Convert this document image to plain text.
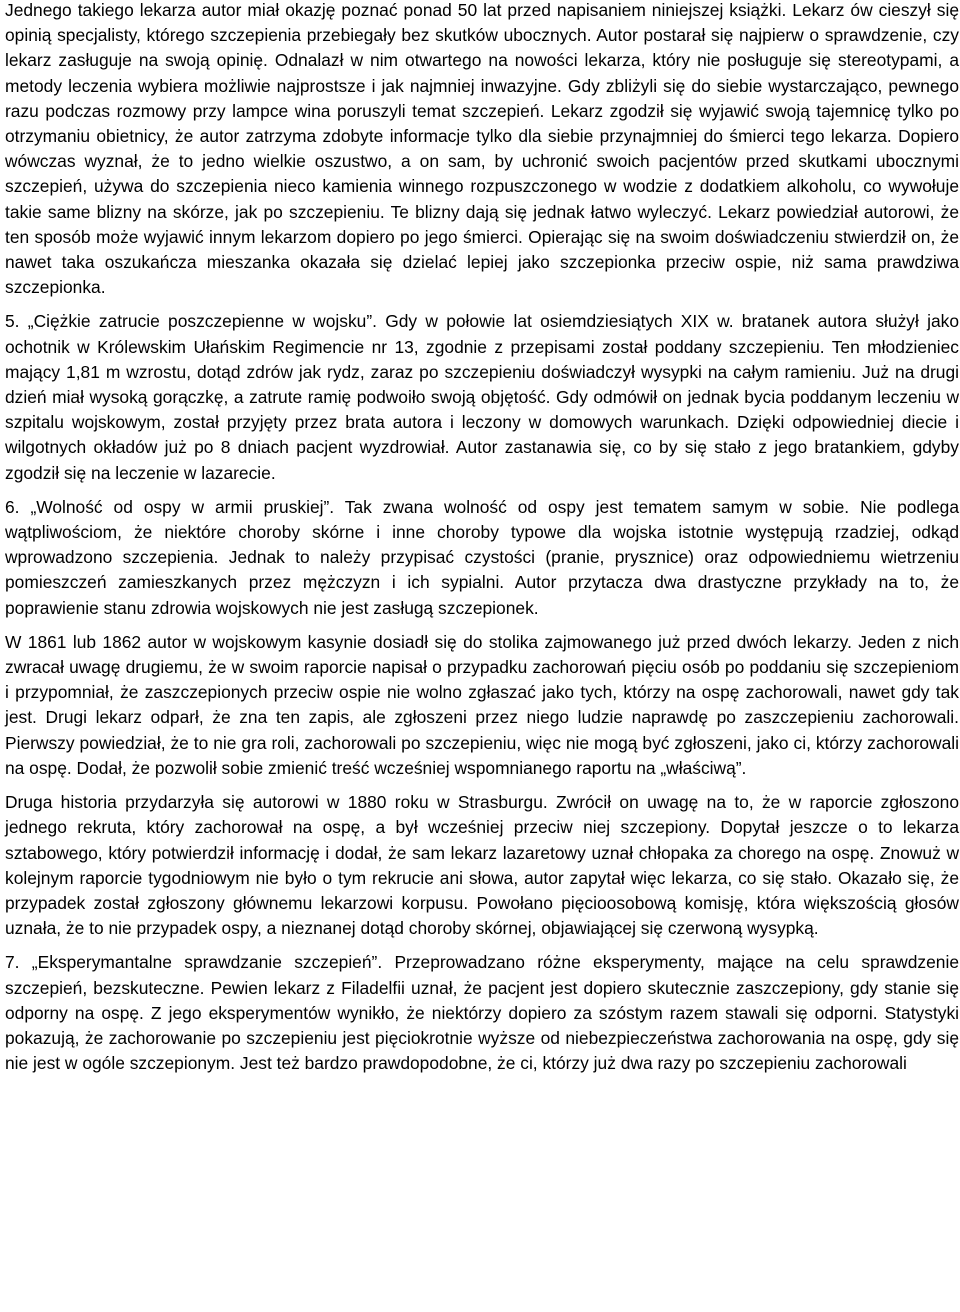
Jednego takiego lekarza autor miał okazję poznać ponad 50 lat przed napisaniem niniejszej książki. Lekarz ów cieszył się opinią specjalisty, którego szczepienia przebiegały bez skutków ubocznych. Autor postarał się najpierw o sprawdzenie, czy lekarz zasługuje na swoją opinię. Odnalazł w nim otwartego na nowości lekarza, który nie posługuje się stereotypami, a metody leczenia wybiera możliwie najprostsze i jak najmniej inwazyjne. Gdy zbliżyli się do siebie wystarczająco, pewnego razu podczas rozmowy przy lampce wina poruszyli temat szczepień. Lekarz zgodził się wyjawić swoją tajemnicę tylko po otrzymaniu obietnicy, że autor zatrzyma zdobyte informacje tylko dla siebie przynajmniej do śmierci tego lekarza. Dopiero wówczas wyznał, że to jedno wielkie oszustwo, a on sam, by uchronić swoich pacjentów przed skutkami ubocznymi szczepień, używa do szczepienia nieco kamienia winnego rozpuszczonego w wodzie z dodatkiem alkoholu, co wywołuje takie same blizny na skórze, jak po szczepieniu. Te blizny dają się jednak łatwo wyleczyć. Lekarz powiedział autorowi, że ten sposób może wyjawić innym lekarzom dopiero po jego śmierci. Opierając się na swoim doświadczeniu stwierdził on, że nawet taka oszukańcza mieszanka okazała się dzielać lepiej jako szczepionka przeciw ospie, niż sama prawdziwa szczepionka.

5. „Ciężkie zatrucie poszczepienne w wojsku”. Gdy w połowie lat osiemdziesiątych XIX w. bratanek autora służył jako ochotnik w Królewskim Ułańskim Regimencie nr 13, zgodnie z przepisami został poddany szczepieniu. Ten młodzieniec mający 1,81 m wzrostu, dotąd zdrów jak rydz, zaraz po szczepieniu doświadczył wysypki na całym ramieniu. Już na drugi dzień miał wysoką gorączkę, a zatrute ramię podwoiło swoją objętość. Gdy odmówił on jednak bycia poddanym leczeniu w szpitalu wojskowym, został przyjęty przez brata autora i leczony w domowych warunkach. Dzięki odpowiedniej diecie i wilgotnych okładów już po 8 dniach pacjent wyzdrowiał. Autor zastanawia się, co by się stało z jego bratankiem, gdyby zgodził się na leczenie w lazarecie.

6. „Wolność od ospy w armii pruskiej”. Tak zwana wolność od ospy jest tematem samym w sobie. Nie podlega wątpliwościom, że niektóre choroby skórne i inne choroby typowe dla wojska istotnie występują rzadziej, odkąd wprowadzono szczepienia. Jednak to należy przypisać czystości (pranie, prysznice) oraz odpowiedniemu wietrzeniu pomieszczeń zamieszkanych przez mężczyzn i ich sypialni. Autor przytacza dwa drastyczne przykłady na to, że poprawienie stanu zdrowia wojskowych nie jest zasługą szczepionek.

W 1861 lub 1862 autor w wojskowym kasynie dosiadł się do stolika zajmowanego już przed dwóch lekarzy. Jeden z nich zwracał uwagę drugiemu, że w swoim raporcie napisał o przypadku zachorowań pięciu osób po poddaniu się szczepieniom i przypomniał, że zaszczepionych przeciw ospie nie wolno zgłaszać jako tych, którzy na ospę zachorowali, nawet gdy tak jest. Drugi lekarz odparł, że zna ten zapis, ale zgłoszeni przez niego ludzie naprawdę po zaszczepieniu zachorowali. Pierwszy powiedział, że to nie gra roli, zachorowali po szczepieniu, więc nie mogą być zgłoszeni, jako ci, którzy zachorowali na ospę. Dodał, że pozwolił sobie zmienić treść wcześniej wspomnianego raportu na „właściwą”.

Druga historia przydarzyła się autorowi w 1880 roku w Strasburgu. Zwrócił on uwagę na to, że w raporcie zgłoszono jednego rekruta, który zachorował na ospę, a był wcześniej przeciw niej szczepiony. Dopytał jeszcze o to lekarza sztabowego, który potwierdził informację i dodał, że sam lekarz lazaretowy uznał chłopaka za chorego na ospę. Znowuż w kolejnym raporcie tygodniowym nie było o tym rekrucie ani słowa, autor zapytał więc lekarza, co się stało. Okazało się, że przypadek został zgłoszony głównemu lekarzowi korpusu. Powołano pięcioosobową komisję, która większością głosów uznała, że to nie przypadek ospy, a nieznanej dotąd choroby skórnej, objawiającej się czerwoną wysypką.

7. „Eksperymantalne sprawdzanie szczepień”. Przeprowadzano różne eksperymenty, mające na celu sprawdzenie szczepień, bezskuteczne. Pewien lekarz z Filadelfii uznał, że pacjent jest dopiero skutecznie zaszczepiony, gdy stanie się odporny na ospę. Z jego eksperymentów wynikło, że niektórzy dopiero za szóstym razem stawali się odporni. Statystyki pokazują, że zachorowanie po szczepieniu jest pięciokrotnie wyższe od niebezpieczeństwa zachorowania na ospę, gdy się nie jest w ogóle szczepionym. Jest też bardzo prawdopodobne, że ci, którzy już dwa razy po szczepieniu zachorowali
